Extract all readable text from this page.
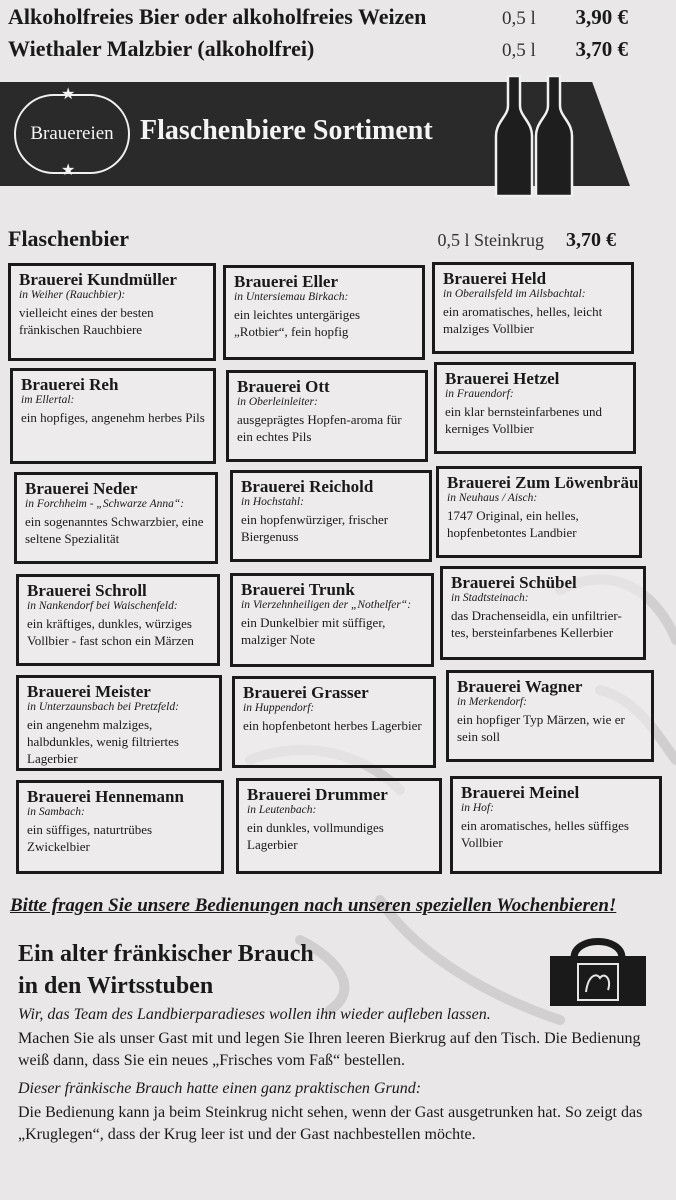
Alkoholfreies Bier oder alkoholfreies Weizen	0,5 l	3,90 €
Wiethaler Malzbier (alkoholfrei)	0,5 l	3,70 €
★
★
Brauereien Flaschenbiere Sortiment
Flaschenbier	0,5 l Steinkrug 3,70 €
Brauerei Kundmüller
in Weiher (Rauchbier):
vielleicht eines der besten fränkischen Rauchbiere
Brauerei Eller
in Untersiemau Birkach:
ein leichtes untergäriges „Rotbier“, fein hopfig
Brauerei Held
in Oberailsfeld im Ailsbachtal:
ein aromatisches, helles, leicht malziges Vollbier
Brauerei Reh
im Ellertal:
ein hopfiges, angenehm herbes Pils
Brauerei Ott
in Oberleinleiter:
ausgeprägtes Hopfen-aroma für ein echtes Pils
Brauerei Hetzel
in Frauendorf:
ein klar bernsteinfarbenes und kerniges Vollbier
Brauerei Neder
in Forchheim - „Schwarze Anna“:
ein sogenanntes Schwarzbier, eine seltene Spezialität
Brauerei Reichold
in Hochstahl:
ein hopfenwürziger, frischer Biergenuss
Brauerei Zum Löwenbräu
in Neuhaus / Aisch:
1747 Original, ein helles, hopfenbetontes Landbier
Brauerei Schroll
in Nankendorf bei Waischenfeld:
ein kräftiges, dunkles, würziges Vollbier - fast schon ein Märzen
Brauerei Trunk
in Vierzehnheiligen der „Nothelfer“:
ein Dunkelbier mit süffiger, malziger Note
Brauerei Schübel
in Stadtsteinach:
das Drachenseidla, ein unfiltrier-tes, bersteinfarbenes Kellerbier
Brauerei Meister
in Unterzaunsbach bei Pretzfeld:
ein angenehm malziges, halbdunkles, wenig filtriertes Lagerbier
Brauerei Grasser
in Huppendorf:
ein hopfenbetont herbes Lagerbier
Brauerei Wagner
in Merkendorf:
ein hopfiger Typ Märzen, wie er sein soll
Brauerei Hennemann
in Sambach:
ein süffiges, naturtrübes Zwickelbier
Brauerei Drummer
in Leutenbach:
ein dunkles, vollmundiges Lagerbier
Brauerei Meinel
in Hof:
ein aromatisches, helles süffiges Vollbier
Bitte fragen Sie unsere Bedienungen nach unseren speziellen Wochenbieren!
Ein alter fränkischer Brauch
in den Wirtsstuben
Wir, das Team des Landbierparadieses wollen ihn wieder aufleben lassen.
Machen Sie als unser Gast mit und legen Sie Ihren leeren Bierkrug auf den Tisch. Die Bedienung weiß dann, dass Sie ein neues „Frisches vom Faß“ bestellen.
Dieser fränkische Brauch hatte einen ganz praktischen Grund:
Die Bedienung kann ja beim Steinkrug nicht sehen, wenn der Gast ausgetrunken hat. So zeigt das „Kruglegen“, dass der Krug leer ist und der Gast nachbestellen möchte.
